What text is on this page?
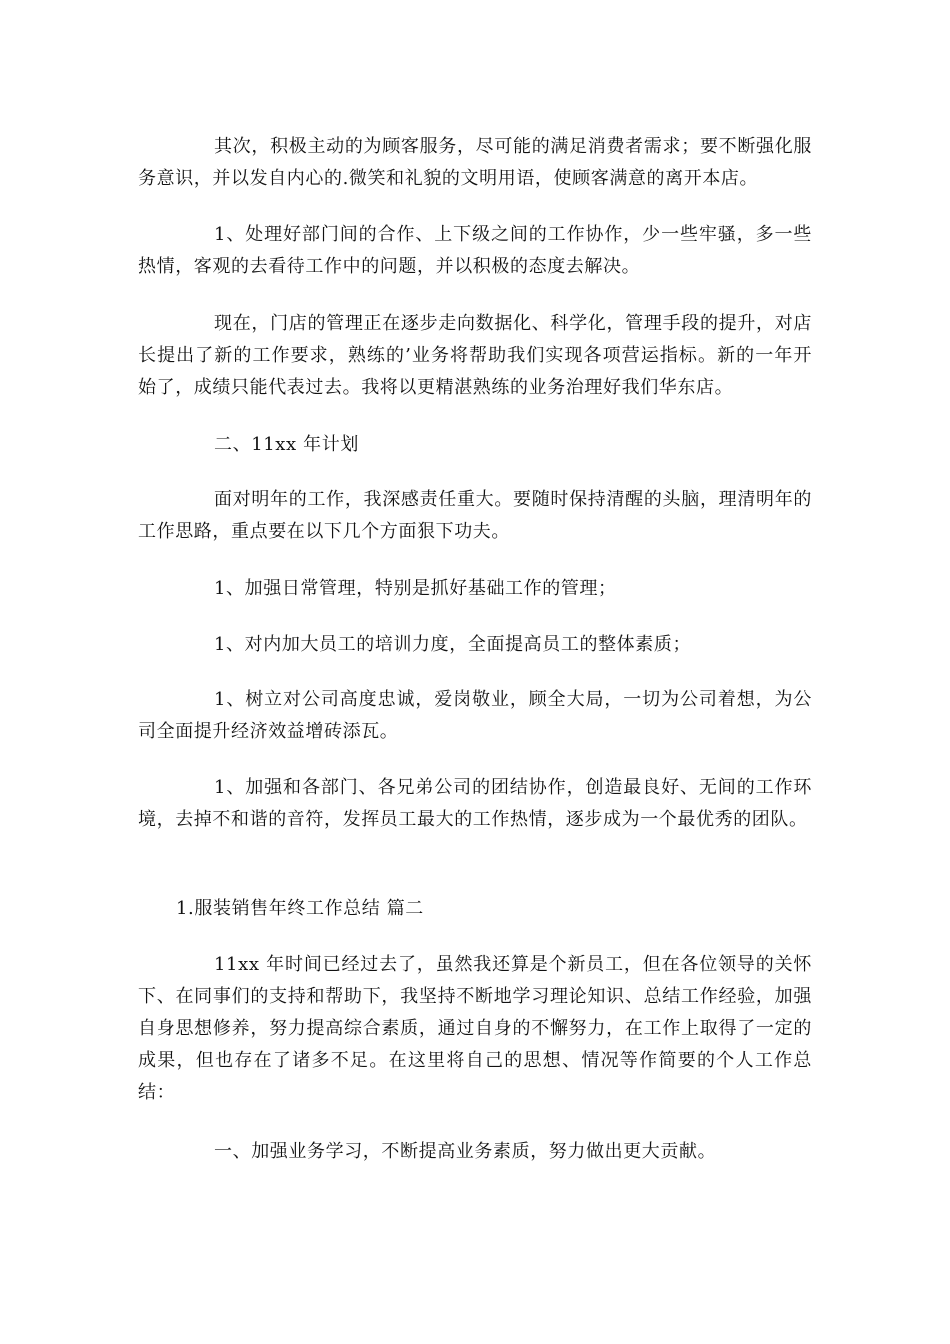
其次，积极主动的为顾客服务，尽可能的满足消费者需求；要不断强化服务意识，并以发自内心的.微笑和礼貌的文明用语，使顾客满意的离开本店。

1、处理好部门间的合作、上下级之间的工作协作，少一些牢骚，多一些热情，客观的去看待工作中的问题，并以积极的态度去解决。

现在，门店的管理正在逐步走向数据化、科学化，管理手段的提升，对店长提出了新的工作要求，熟练的’业务将帮助我们实现各项营运指标。新的一年开始了，成绩只能代表过去。我将以更精湛熟练的业务治理好我们华东店。

二、11xx 年计划

面对明年的工作，我深感责任重大。要随时保持清醒的头脑，理清明年的工作思路，重点要在以下几个方面狠下功夫。

1、加强日常管理，特别是抓好基础工作的管理；

1、对内加大员工的培训力度，全面提高员工的整体素质；

1、树立对公司高度忠诚，爱岗敬业，顾全大局，一切为公司着想，为公司全面提升经济效益增砖添瓦。

1、加强和各部门、各兄弟公司的团结协作，创造最良好、无间的工作环境，去掉不和谐的音符，发挥员工最大的工作热情，逐步成为一个最优秀的团队。

1.服装销售年终工作总结 篇二

11xx 年时间已经过去了，虽然我还算是个新员工，但在各位领导的关怀下、在同事们的支持和帮助下，我坚持不断地学习理论知识、总结工作经验，加强自身思想修养，努力提高综合素质，通过自身的不懈努力，在工作上取得了一定的成果，但也存在了诸多不足。在这里将自己的思想、情况等作简要的个人工作总结：

一、加强业务学习，不断提高业务素质，努力做出更大贡献。
